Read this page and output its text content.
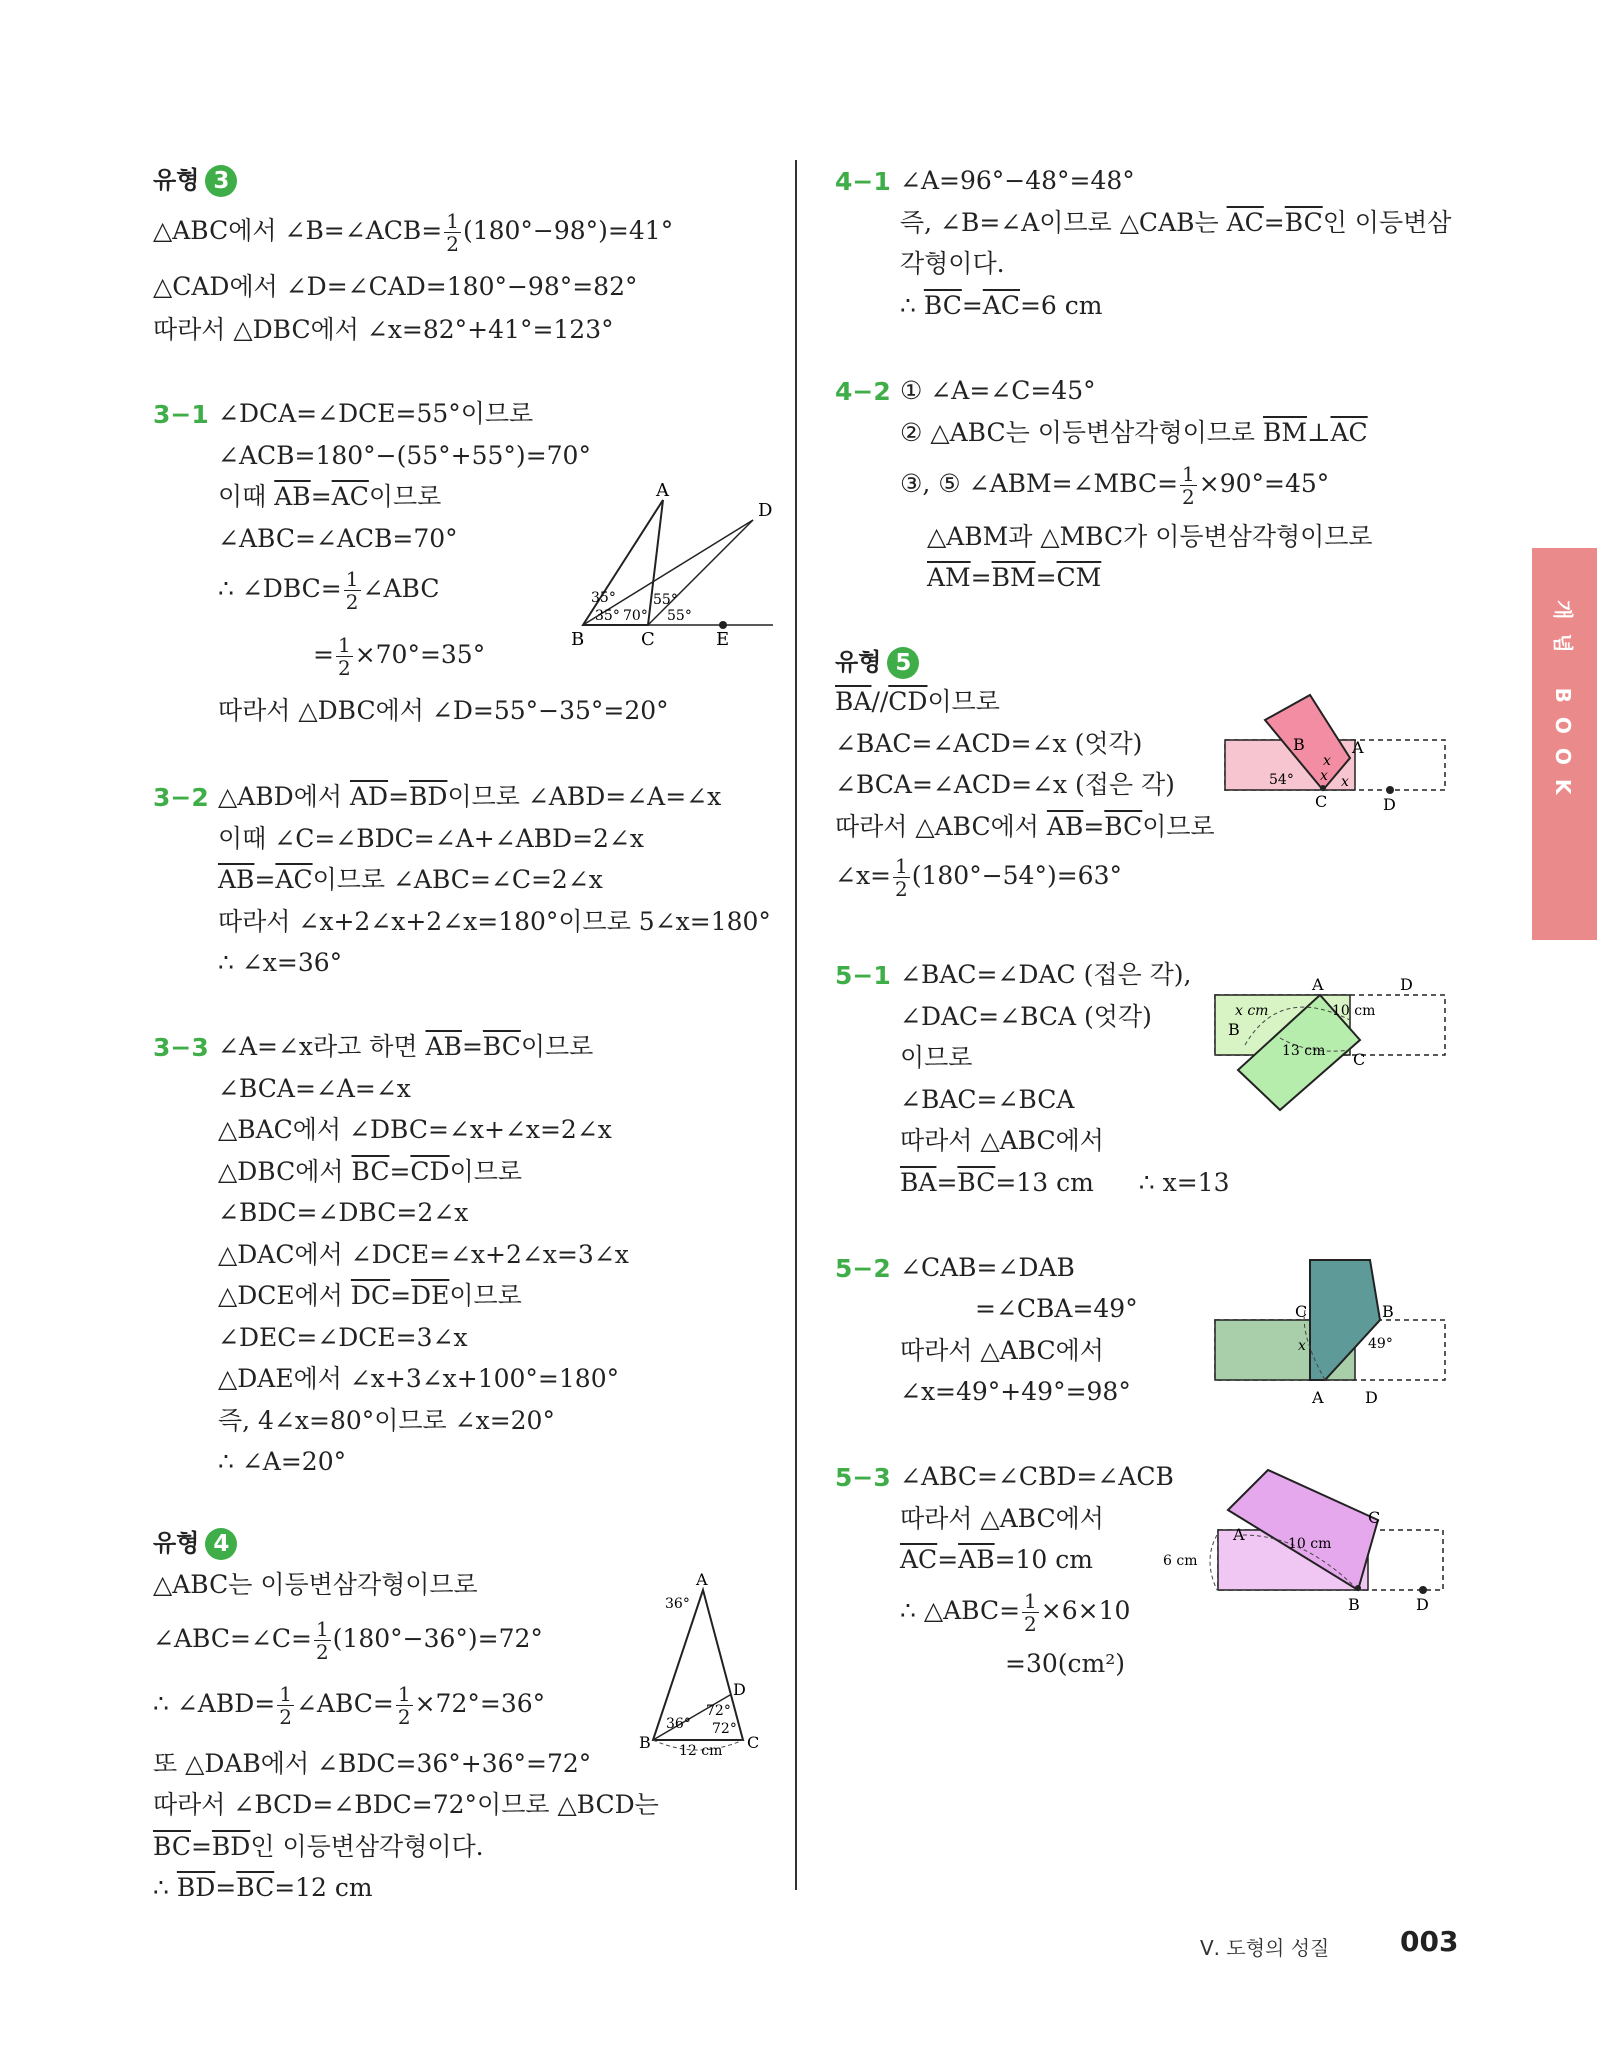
유형 3
△ABC에서 ∠B=∠ACB= $\frac{1}{2} (180^\circ-98^\circ)=41^\circ$
△CAD에서 ∠D=∠CAD=180°−98°=82°
따라서 △DBC에서 ∠x=82°+41°=123°
3−1 ∠DCA=∠DCE=55°이므로
∠ACB=180°−(55°+55°)=70°
이때 $\overline{AB}=\overline{AC}$이므로
∠ABC=∠ACB=70°
∴ ∠DBC= $\frac{1}{2}$ ∠ABC
= $\frac{1}{2} \times 70^\circ=35^\circ$
따라서 △DBC에서 ∠D=55°−35°=20°
A
B	C
D
E
35°
35° 70°
55°
55°
3−2 △ABD에서 $\overline{AD}=\overline{BD}$이므로 ∠ABD=∠A=∠x
이때 ∠C=∠BDC=∠A+∠ABD=2∠x
$\overline{AB}=\overline{AC}$이므로 ∠ABC=∠C=2∠x
따라서 ∠x+2∠x+2∠x=180°이므로 5∠x=180°
∴ ∠x=36°
3−3 ∠A=∠x라고 하면 $\overline{AB}=\overline{BC}$이므로
∠BCA=∠A=∠x
△BAC에서 ∠DBC=∠x+∠x=2∠x
△DBC에서 $\overline{BC}=\overline{CD}$이므로
∠BDC=∠DBC=2∠x
△DAC에서 ∠DCE=∠x+2∠x=3∠x
△DCE에서 $\overline{DC}=\overline{DE}$이므로
∠DEC=∠DCE=3∠x
△DAE에서 ∠x+3∠x+100°=180°
즉, 4∠x=80°이므로 ∠x=20°
∴ ∠A=20°
유형 4
△ABC는 이등변삼각형이므로
∠ABC=∠C= $\frac{1}{2} (180^\circ-36^\circ)=72^\circ$
∴ ∠ABD= $\frac{1}{2}$ ∠ABC= $\frac{1}{2} \times 72^\circ=36^\circ$
또 △DAB에서 ∠BDC=36°+36°=72°
따라서 ∠BCD=∠BDC=72°이므로 △BCD는
$\overline{BC}=\overline{BD}$인 이등변삼각형이다.
∴ $\overline{BD}=\overline{BC}=12$ cm
A
B	C
D
36°
36°
72°
72°
12 cm
4−1 ∠A=96°−48°=48°
즉, ∠B=∠A이므로 △CAB는 $\overline{AC}=\overline{BC}$인 이등변삼
각형이다.
∴ $\overline{BC}=\overline{AC}=6$ cm
4−2 ① ∠A=∠C=45°
② △ABC는 이등변삼각형이므로 $\overline{BM}\perp\overline{AC}$
③, ⑤ ∠ABM=∠MBC= $\frac{1}{2} \times 90^\circ=45^\circ$
△ABM과 △MBC가 이등변삼각형이므로
$\overline{AM}=\overline{BM}=\overline{CM}$
유형 5
$\overline{BA}//\overline{CD}$이므로
∠BAC=∠ACD=∠x (엇각)
∠BCA=∠ACD=∠x (접은 각)
따라서 △ABC에서 $\overline{AB}=\overline{BC}$이므로
∠x= $\frac{1}{2} (180^\circ-54^\circ)=63^\circ$
A
B
C	D
54°
x
x x
5−1 ∠BAC=∠DAC (접은 각),
∠DAC=∠BCA (엇각)
이므로
∠BAC=∠BCA
따라서 △ABC에서
$\overline{BA}=\overline{BC}=13$ cm ∴ x=13
A
B
C
D
x cm	10 cm
13 cm
5−2 ∠CAB=∠DAB
=∠CBA=49°
따라서 △ABC에서
∠x=49°+49°=98°	A
B
C
D
49°
x
5−3 ∠ABC=∠CBD=∠ACB
따라서 △ABC에서
$\overline{AC}=\overline{AB}=10$ cm
∴ △ABC= $\frac{1}{2} \times 6\times 10$
=30(cm²)
A
B
C
D
6 cm
10 cm
개념 BOOK
Ⅴ. 도형의 성질	003
